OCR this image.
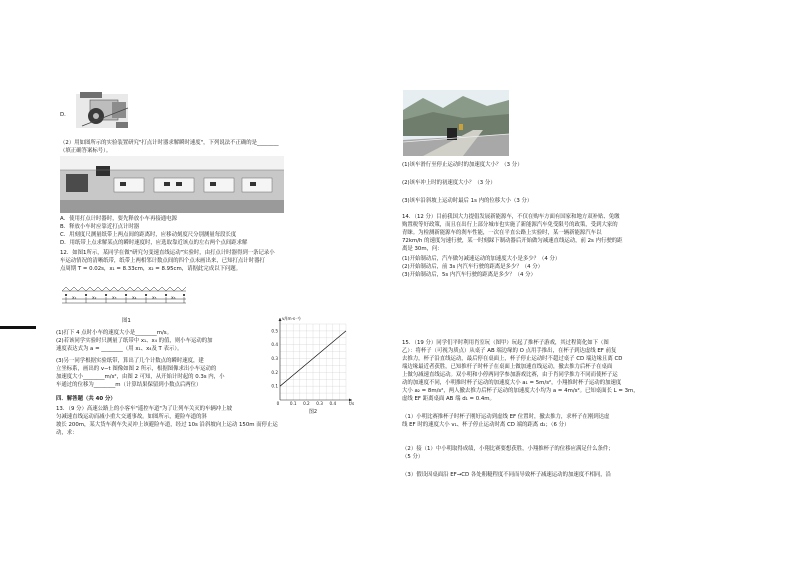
D．
（2）用如图所示的实验装置研究"打点计时器求解瞬时速度"，下列说法不正确的是________
（填正确答案标号）。
A．使用打点计时器时，要先释放小车再接通电源
B．释放小车时应靠近打点计时器
C．用刻度尺测量纸带上两点间的距离时，应移动刻度尺分别测量每段长度
D．用纸带上点求解某点的瞬时速度时，应选取靠近该点的左右两个点间距求解
12．如图1所示，某同学在做"研究匀变速直线运动"实验时，由打点计时器得到一条记录小
车运动情况的清晰纸带，纸带上两相邻计数点间的四个点未画出来，已知打点计时器打
点周期 T = 0.02s，x₁ = 8.33cm，x₂ = 8.95cm，请据此完成以下问题。
x₁	x₂	x₃	x₄	x₅	x₆
图1
(1)打下 4 点时小车的速度大小是________m/s。
(2)若该同学实验时只测量了纸带中 x₁、x₄ 的值，则小车运动的加
速度表达式为 a = ________（用 x₁、x₄及 T 表示）。
(3)另一同学根据实验纸带，算出了几个计数点的瞬时速度，建
立坐标系，画出的 v−t 图像如图 2 所示，根据图像求出小车运动的
加速度大小________m/s²，由图 2 可知，从开始计时起的 0.3s 内，小
车通过的位移为________m（计算结果保留到小数点后两位）
四．解答题（共 40 分）
13．（9 分）高速公路上的小客车"遥控车道"为了让列车关灭的车辆冲上坡
匀减速直线运动而减小重大交通事故。如图所示，避险车道的斜
坡长 200m，某大货车刹车失灵冲上该避险车道，经过 10s 沿斜坡向上运动 150m 而停止运
动，求：
0.5
0.4
0.3
0.2
0.1
0	0.1 0.2 0.3 0.4
v/(m·s⁻¹)
t/s
图2
(1)该车滑行至停止运动时的加速度大小？（3 分）
(2)该车冲上时的初速度大小？（3 分）
(3)该车沿斜坡上运动时最后 1s 内的位移大小（3 分）
14．（12 分）目前我国大力提倡发展新能源车，不仅在购车方面有国家和地方双补贴、免缴
购置税等好政策，而且在出行上部分城市也实施了新能源汽车免受限号的政策，受到大家的
青睐。为检测新能源车的刹车性能，一次在平直公路上实验时，某一辆新能源汽车以
72km/h 的速度匀速行驶，某一时刻踩下制动器后开始做匀减速直线运动，前 2s 内行驶的距
离是 30m，问：
(1)开始制动后，汽车做匀减速运动的加速度大小是多少？（4 分）
(2)开始制动后，前 3s 内汽车行驶的距离是多少？（4 分）
(3)开始制动后，5s 内汽车行驶的距离是多少？（4 分）
15．（19 分）同学们平时利用肖室玩（图甲）玩起了推杯子游戏，其过程简化如下（图
乙）：将杯子（可视为质点）从桌子 AB 端边缘的 O 点用手推出，在杯子到达虚线 EF 前复
去推力，杯子沿直线运动，最后停在桌面上，杯子停止运动时不超过桌子 CD 端边缘且离 CD
端边缘最近者获胜，已知推杆子时杯子在桌面上做加速直线运动，撤去推力后杯子在桌面
上做匀减速直线运动。双小明和小停两同学参加游戏比赛，由于肖同学推力不同而使杯子运
动的加速度不同，小明推时杯子运动的加速度大小 a₁ = 5m/s²，小翔推时杯子运动的加速度
大小 a₂ = 8m/s²，两人撤去推力后杯子运动的加速度大小均为 a = 4m/s²。已知桌面长 L = 3m，
虚线 EF 距离桌面 AB 端 d₁ = 0.4m。
（1）小明比赛推杯子时杯子刚好运动到虚线 EF 位置时，撤去推力，求杯子在刚到达虚
线 EF 时的速度大小 v₁、杯子停止运动时离 CD 端的距离 d₂；（6 分）
（2）接（1）中小明取得成绩，小翔比赛要想获胜，小翔推杯子的位移应满足什么条件；
（5 分）
（3）假设因桌面沿 EF→CD 各处粗糙程度不同而导致杯子减速运动的加速度不相同，沿
